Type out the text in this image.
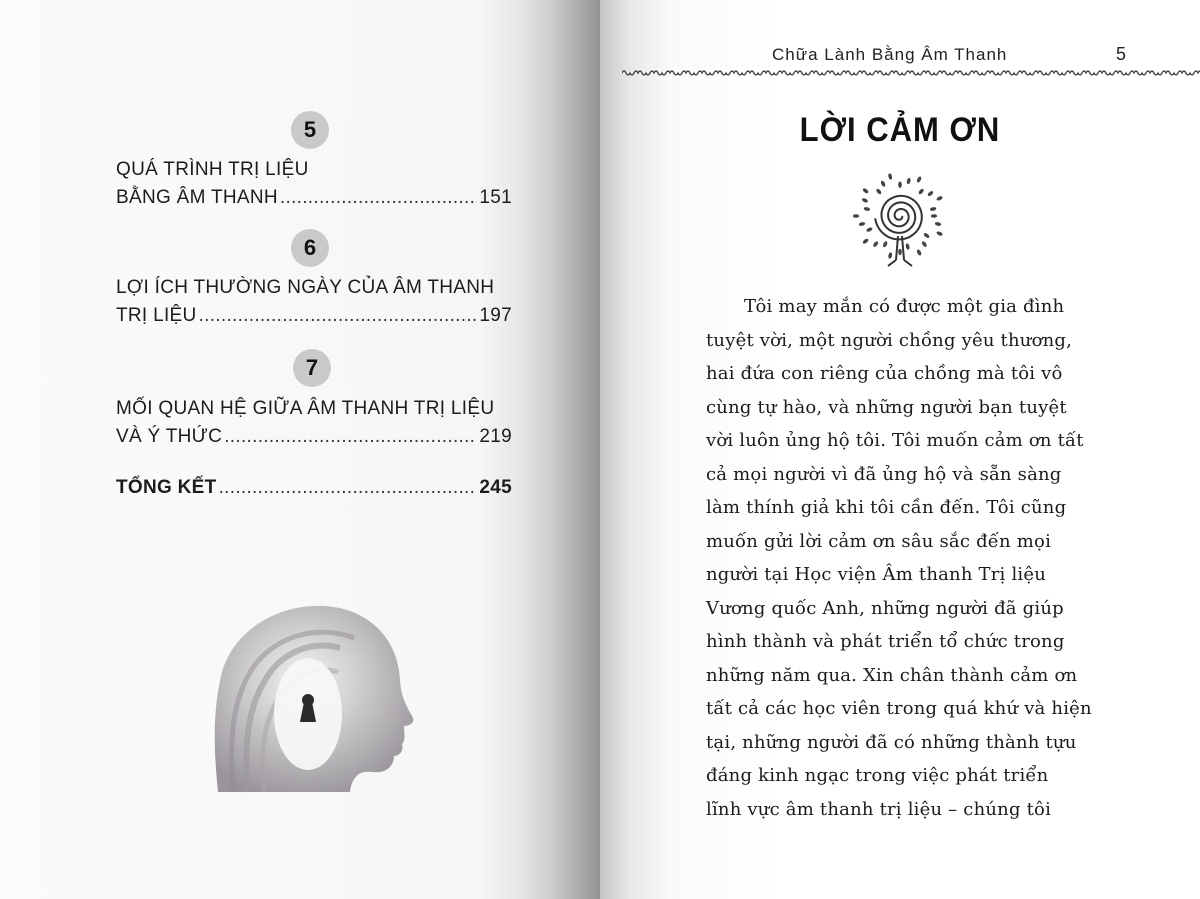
5
QUÁ TRÌNH TRỊ LIỆU
BẰNG ÂM THANH .....	151
6
LỢI ÍCH THƯỜNG NGÀY CỦA ÂM THANH
TRỊ LIỆU .....	197
7
MỐI QUAN HỆ GIỮA ÂM THANH TRỊ LIỆU
VÀ Ý THỨC .....	219
TỔNG KẾT .....	245
Chữa Lành Bằng Âm Thanh	5
LỜI CẢM ƠN
Tôi may mắn có được một gia đình
tuyệt vời, một người chồng yêu thương,
hai đứa con riêng của chồng mà tôi vô
cùng tự hào, và những người bạn tuyệt
vời luôn ủng hộ tôi. Tôi muốn cảm ơn tất
cả mọi người vì đã ủng hộ và sẵn sàng
làm thính giả khi tôi cần đến. Tôi cũng
muốn gửi lời cảm ơn sâu sắc đến mọi
người tại Học viện Âm thanh Trị liệu
Vương quốc Anh, những người đã giúp
hình thành và phát triển tổ chức trong
những năm qua. Xin chân thành cảm ơn
tất cả các học viên trong quá khứ và hiện
tại, những người đã có những thành tựu
đáng kinh ngạc trong việc phát triển
lĩnh vực âm thanh trị liệu – chúng tôi
